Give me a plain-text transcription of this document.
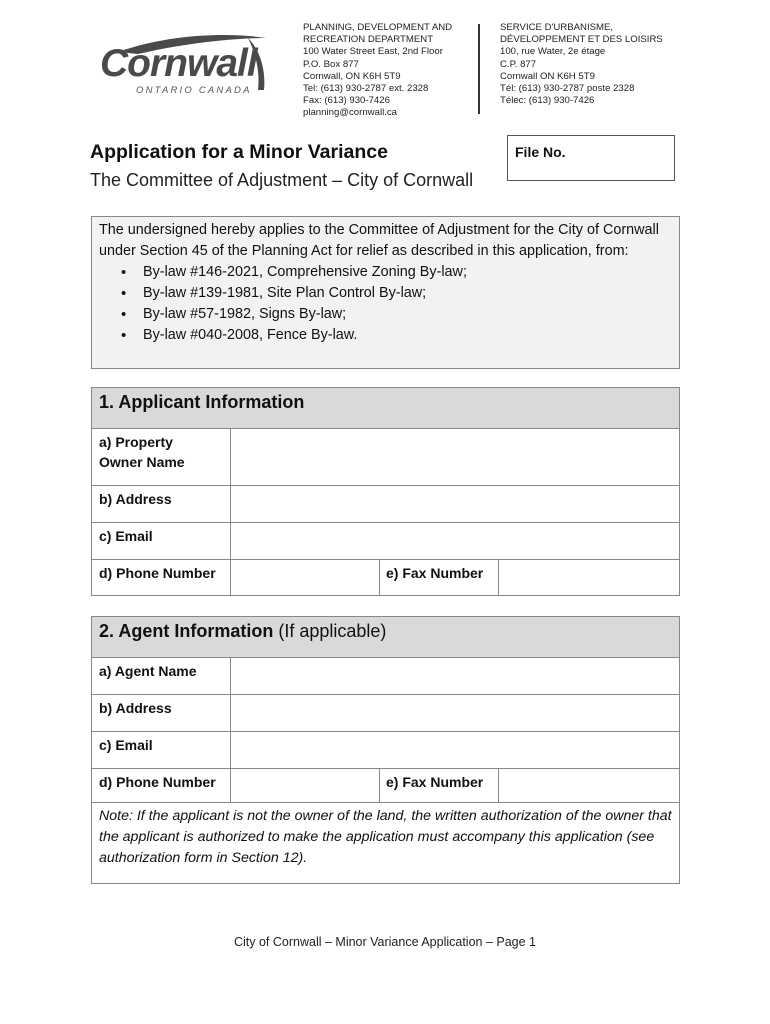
Cornwall
ONTARIO CANADA
PLANNING, DEVELOPMENT AND
RECREATION DEPARTMENT
100 Water Street East, 2nd Floor
P.O. Box 877
Cornwall, ON K6H 5T9
Tel: (613) 930-2787 ext. 2328
Fax: (613) 930-7426
planning@cornwall.ca
SERVICE D'URBANISME,
DÉVELOPPEMENT ET DES LOISIRS
100, rue Water, 2e étage
C.P. 877
Cornwall ON K6H 5T9
Tél: (613) 930-2787 poste 2328
Télec: (613) 930-7426
Application for a Minor Variance
The Committee of Adjustment – City of Cornwall
File No.
The undersigned hereby applies to the Committee of Adjustment for the City of Cornwall under Section 45 of the Planning Act for relief as described in this application, from:
• By-law #146-2021, Comprehensive Zoning By-law;
• By-law #139-1981, Site Plan Control By-law;
• By-law #57-1982, Signs By-law;
• By-law #040-2008, Fence By-law.
1. Applicant Information
a) Property
Owner Name
b) Address
c) Email
d) Phone Number	e) Fax Number
2. Agent Information (If applicable)
a) Agent Name
b) Address
c) Email
d) Phone Number	e) Fax Number
Note: If the applicant is not the owner of the land, the written authorization of the owner that the applicant is authorized to make the application must accompany this application (see authorization form in Section 12).
City of Cornwall – Minor Variance Application – Page 1
